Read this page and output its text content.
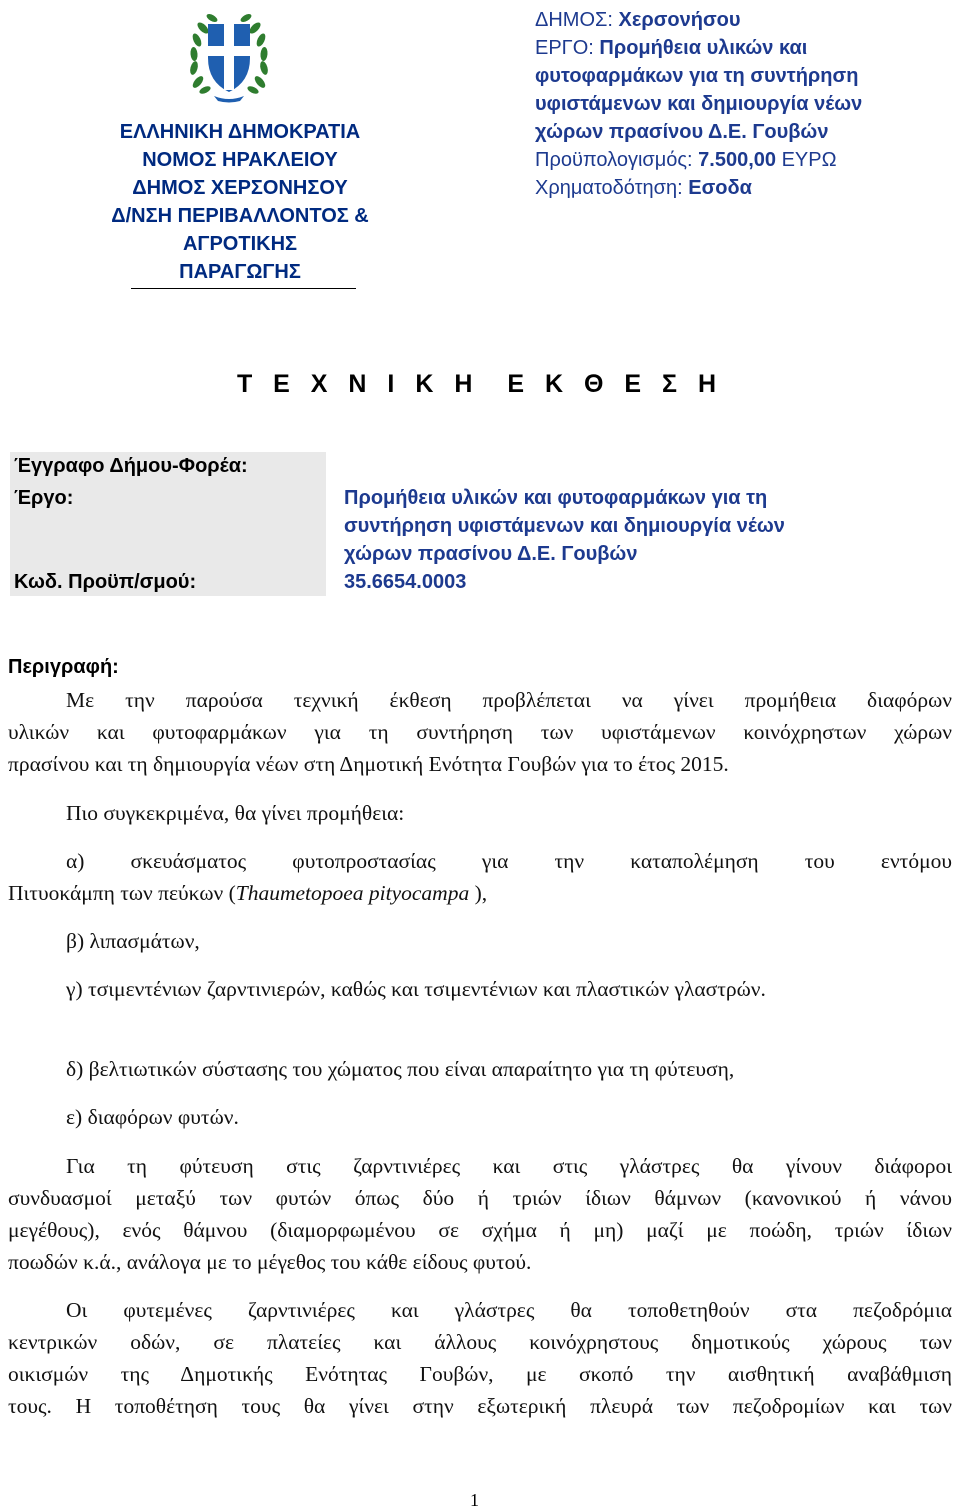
ΕΛΛΗΝΙΚΗ ΔΗΜΟΚΡΑΤΙΑ
ΝΟΜΟΣ ΗΡΑΚΛΕΙΟΥ
ΔΗΜΟΣ ΧΕΡΣΟΝΗΣΟΥ
Δ/ΝΣΗ ΠΕΡΙΒΑΛΛΟΝΤΟΣ & ΑΓΡΟΤΙΚΗΣ
ΠΑΡΑΓΩΓΗΣ
ΔΗΜΟΣ: Χερσονήσου
ΕΡΓΟ: Προμήθεια υλικών και
φυτοφαρμάκων για τη συντήρηση
υφιστάμενων και δημιουργία νέων
χώρων πρασίνου Δ.Ε. Γουβών
Προϋπολογισμός: 7.500,00 ΕΥΡΩ
Χρηματοδότηση: Εσοδα
Τ Ε Χ Ν Ι Κ Η Ε Κ Θ Ε Σ Η
Έγγραφο Δήμου-Φορέα:
Έργο:	Προμήθεια υλικών και φυτοφαρμάκων για τη
συντήρηση υφιστάμενων και δημιουργία νέων
χώρων πρασίνου Δ.Ε. Γουβών
Κωδ. Προϋπ/σμού:	35.6654.0003
Περιγραφή:
Με την παρούσα τεχνική έκθεση προβλέπεται να γίνει προμήθεια διαφόρων
υλικών και φυτοφαρμάκων για τη συντήρηση των υφιστάμενων κοινόχρηστων χώρων
πρασίνου και τη δημιουργία νέων στη Δημοτική Ενότητα Γουβών για το έτος 2015.
Πιο συγκεκριμένα, θα γίνει προμήθεια:
α) σκευάσματος φυτοπροστασίας για την καταπολέμηση του εντόμου
Πιτυοκάμπη των πεύκων (Thaumetopoea pityocampa ),
β) λιπασμάτων,
γ) τσιμεντένιων ζαρντινιερών, καθώς και τσιμεντένιων και πλαστικών γλαστρών.
δ) βελτιωτικών σύστασης του χώματος που είναι απαραίτητο για τη φύτευση,
ε) διαφόρων φυτών.
Για τη φύτευση στις ζαρντινιέρες και στις γλάστρες θα γίνουν διάφοροι
συνδυασμοί μεταξύ των φυτών όπως δύο ή τριών ίδιων θάμνων (κανονικού ή νάνου
μεγέθους), ενός θάμνου (διαμορφωμένου σε σχήμα ή μη) μαζί με ποώδη, τριών ίδιων
ποωδών κ.ά., ανάλογα με το μέγεθος του κάθε είδους φυτού.
Οι φυτεμένες ζαρντινιέρες και γλάστρες θα τοποθετηθούν στα πεζοδρόμια
κεντρικών οδών, σε πλατείες και άλλους κοινόχρηστους δημοτικούς χώρους των
οικισμών της Δημοτικής Ενότητας Γουβών, με σκοπό την αισθητική αναβάθμιση
τους. Η τοποθέτηση τους θα γίνει στην εξωτερική πλευρά των πεζοδρομίων και των
1
